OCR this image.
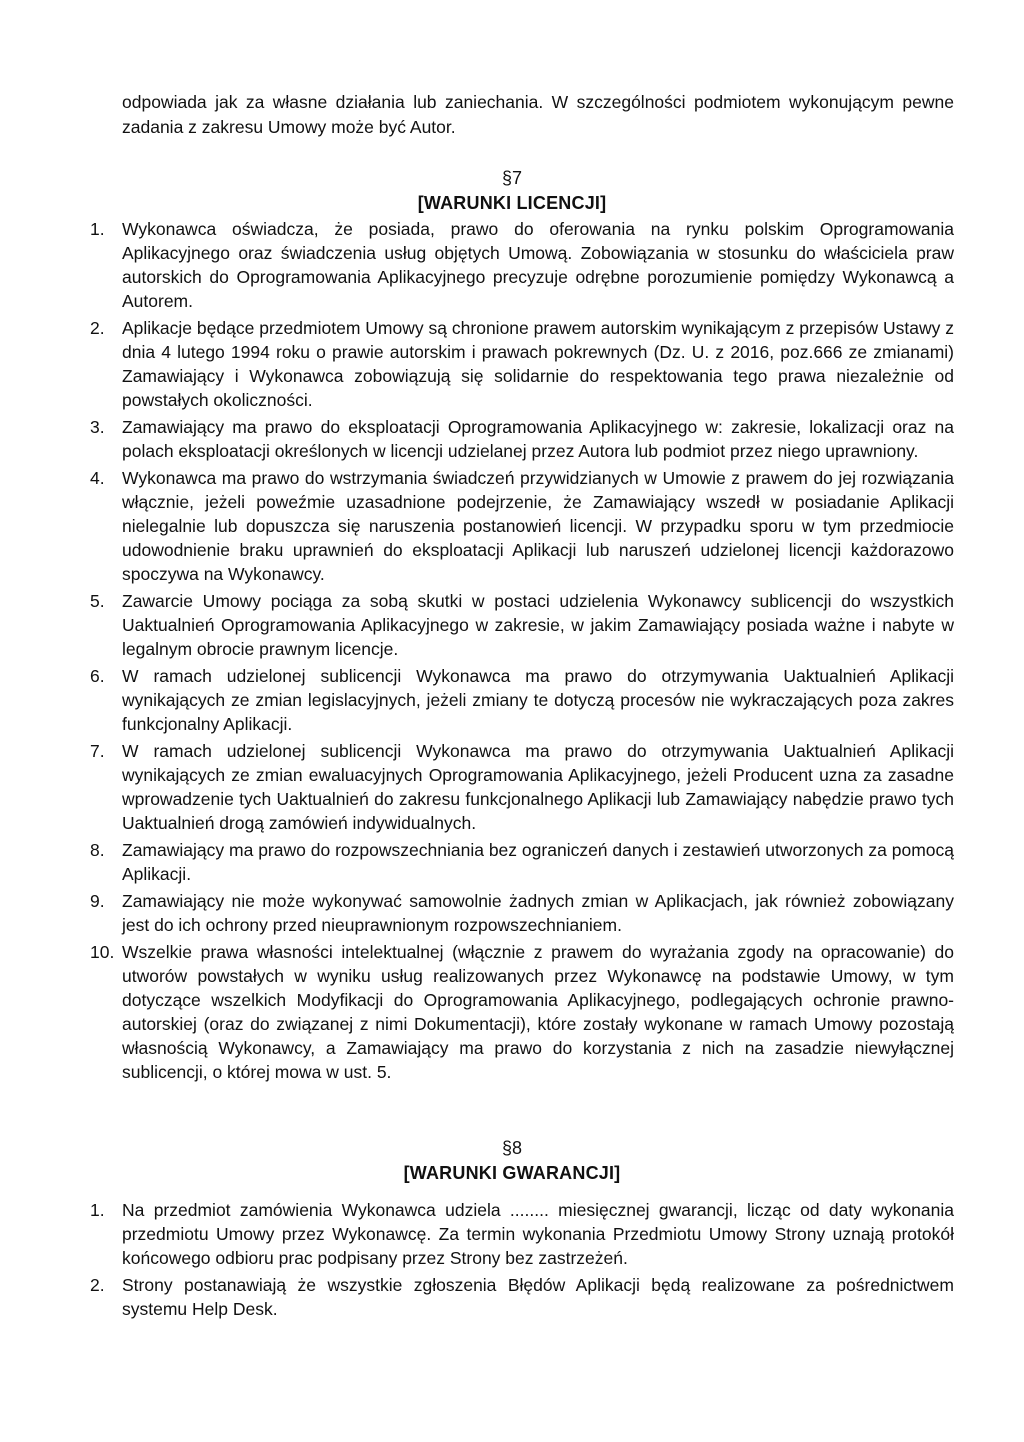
odpowiada jak za własne działania lub zaniechania. W szczególności podmiotem wykonującym pewne zadania z zakresu Umowy może być Autor.

§7
[WARUNKI LICENCJI]
1. Wykonawca oświadcza, że posiada, prawo do oferowania na rynku polskim Oprogramowania Aplikacyjnego oraz świadczenia usług objętych Umową. Zobowiązania w stosunku do właściciela praw autorskich do Oprogramowania Aplikacyjnego precyzuje odrębne porozumienie pomiędzy Wykonawcą a Autorem.
2. Aplikacje będące przedmiotem Umowy są chronione prawem autorskim wynikającym z przepisów Ustawy z dnia 4 lutego 1994 roku o prawie autorskim i prawach pokrewnych (Dz. U. z 2016, poz.666 ze zmianami) Zamawiający i Wykonawca zobowiązują się solidarnie do respektowania tego prawa niezależnie od powstałych okoliczności.
3. Zamawiający ma prawo do eksploatacji Oprogramowania Aplikacyjnego w: zakresie, lokalizacji oraz na polach eksploatacji określonych w licencji udzielanej przez Autora lub podmiot przez niego uprawniony.
4. Wykonawca ma prawo do wstrzymania świadczeń przywidzianych w Umowie z prawem do jej rozwiązania włącznie, jeżeli poweźmie uzasadnione podejrzenie, że Zamawiający wszedł w posiadanie Aplikacji nielegalnie lub dopuszcza się naruszenia postanowień licencji. W przypadku sporu w tym przedmiocie udowodnienie braku uprawnień do eksploatacji Aplikacji lub naruszeń udzielonej licencji każdorazowo spoczywa na Wykonawcy.
5. Zawarcie Umowy pociąga za sobą skutki w postaci udzielenia Wykonawcy sublicencji do wszystkich Uaktualnień Oprogramowania Aplikacyjnego w zakresie, w jakim Zamawiający posiada ważne i nabyte w legalnym obrocie prawnym licencje.
6. W ramach udzielonej sublicencji Wykonawca ma prawo do otrzymywania Uaktualnień Aplikacji wynikających ze zmian legislacyjnych, jeżeli zmiany te dotyczą procesów nie wykraczających poza zakres funkcjonalny Aplikacji.
7. W ramach udzielonej sublicencji Wykonawca ma prawo do otrzymywania Uaktualnień Aplikacji wynikających ze zmian ewaluacyjnych Oprogramowania Aplikacyjnego, jeżeli Producent uzna za zasadne wprowadzenie tych Uaktualnień do zakresu funkcjonalnego Aplikacji lub Zamawiający nabędzie prawo tych Uaktualnień drogą zamówień indywidualnych.
8. Zamawiający ma prawo do rozpowszechniania bez ograniczeń danych i zestawień utworzonych za pomocą Aplikacji.
9. Zamawiający nie może wykonywać samowolnie żadnych zmian w Aplikacjach, jak również zobowiązany jest do ich ochrony przed nieuprawnionym rozpowszechnianiem.
10. Wszelkie prawa własności intelektualnej (włącznie z prawem do wyrażania zgody na opracowanie) do utworów powstałych w wyniku usług realizowanych przez Wykonawcę na podstawie Umowy, w tym dotyczące wszelkich Modyfikacji do Oprogramowania Aplikacyjnego, podlegających ochronie prawno-autorskiej (oraz do związanej z nimi Dokumentacji), które zostały wykonane w ramach Umowy pozostają własnością Wykonawcy, a Zamawiający ma prawo do korzystania z nich na zasadzie niewyłącznej sublicencji, o której mowa w ust. 5.
§8
[WARUNKI GWARANCJI]
1. Na przedmiot zamówienia Wykonawca udziela ........ miesięcznej gwarancji, licząc od daty wykonania przedmiotu Umowy przez Wykonawcę. Za termin wykonania Przedmiotu Umowy Strony uznają protokół końcowego odbioru prac podpisany przez Strony bez zastrzeżeń.
2. Strony postanawiają że wszystkie zgłoszenia Błędów Aplikacji będą realizowane za pośrednictwem systemu Help Desk.
